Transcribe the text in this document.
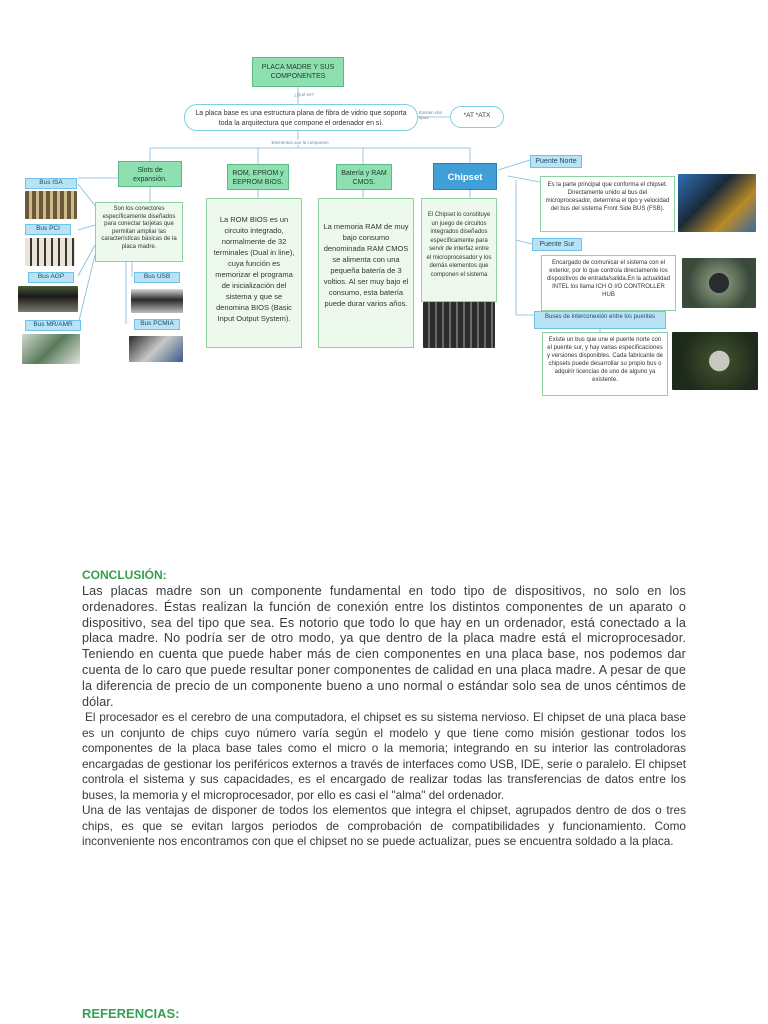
PLACA MADRE Y SUS COMPONENTES
¿Qué es?
La placa base es una estructura plana de fibra de vidrio que soporta toda la arquitectura que compone el ordenador en sí.
Existen dos tipos	*AT *ATX
Elementos que la componen
Slots de expansión.
ROM, EPROM y EEPROM BIOS.
Batería y RAM CMOS.	Chipset
Son los conectores específicamente diseñados para conectar tarjetas que permitan ampliar las características básicas de la placa madre.
La ROM BIOS es un circuito integrado, normalmente de 32 terminales (Dual in line), cuya función es memorizar el programa de inicialización del sistema y que se denomina BIOS (Basic Input Output System).
La memoria RAM de muy bajo consumo denominada RAM CMOS se alimenta con una pequeña batería de 3 voltios. Al ser muy bajo el consumo, esta batería puede durar varios años.
El Chipset lo constituye un juego de circuitos integrados diseñados específicamente para servir de interfaz entre el microprocesador y los demás elementos que componen el sistema
Bus ISA
Bus PCI
Bus AGP
Bus MR/AMR
Bus USB
Bus PCMIA
Puente Norte
Es la parte principal que conforma el chipset. Directamente unido al bus del microprocesador, determina el tipo y velocidad del bus del sistema Front Side BUS (FSB).
Puente Sur
Encargado de comunicar el sistema con el exterior, por lo que controla directamente los dispositivos de entrada/salida.En la actualidad INTEL los llama ICH O I/O CONTROLLER HUB
Buses de interconexión entre los puentes
Existe un bus que une el puente norte con el puente sur, y hay varias especificaciones y versiones disponibles. Cada fabricante de chipsets puede desarrollar su propio bus o adquirir licencias de uno de alguno ya existente.
CONCLUSIÓN:

Las placas madre son un componente fundamental en todo tipo de dispositivos, no solo en los ordenadores. Éstas realizan la función de conexión entre los distintos componentes de un aparato o dispositivo, sea del tipo que sea. Es notorio que todo lo que hay en un ordenador, está conectado a la placa madre. No podría ser de otro modo, ya que dentro de la placa madre está el microprocesador. Teniendo en cuenta que puede haber más de cien componentes en una placa base, nos podemos dar cuenta de lo caro que puede resultar poner componentes de calidad en una placa madre. A pesar de que la diferencia de precio de un componente bueno a uno normal o estándar solo sea de unos céntimos de dólar.

El procesador es el cerebro de una computadora, el chipset es su sistema nervioso. El chipset de una placa base es un conjunto de chips cuyo número varía según el modelo y que tiene como misión gestionar todos los componentes de la placa base tales como el micro o la memoria; integrando en su interior las controladoras encargadas de gestionar los periféricos externos a través de interfaces como USB, IDE, serie o paralelo. El chipset controla el sistema y sus capacidades, es el encargado de realizar todas las transferencias de datos entre los buses, la memoria y el microprocesador, por ello es casi el "alma" del ordenador.

Una de las ventajas de disponer de todos los elementos que integra el chipset, agrupados dentro de dos o tres chips, es que se evitan largos periodos de comprobación de compatibilidades y funcionamiento. Como inconveniente nos encontramos con que el chipset no se puede actualizar, pues se encuentra soldado a la placa.

REFERENCIAS:
